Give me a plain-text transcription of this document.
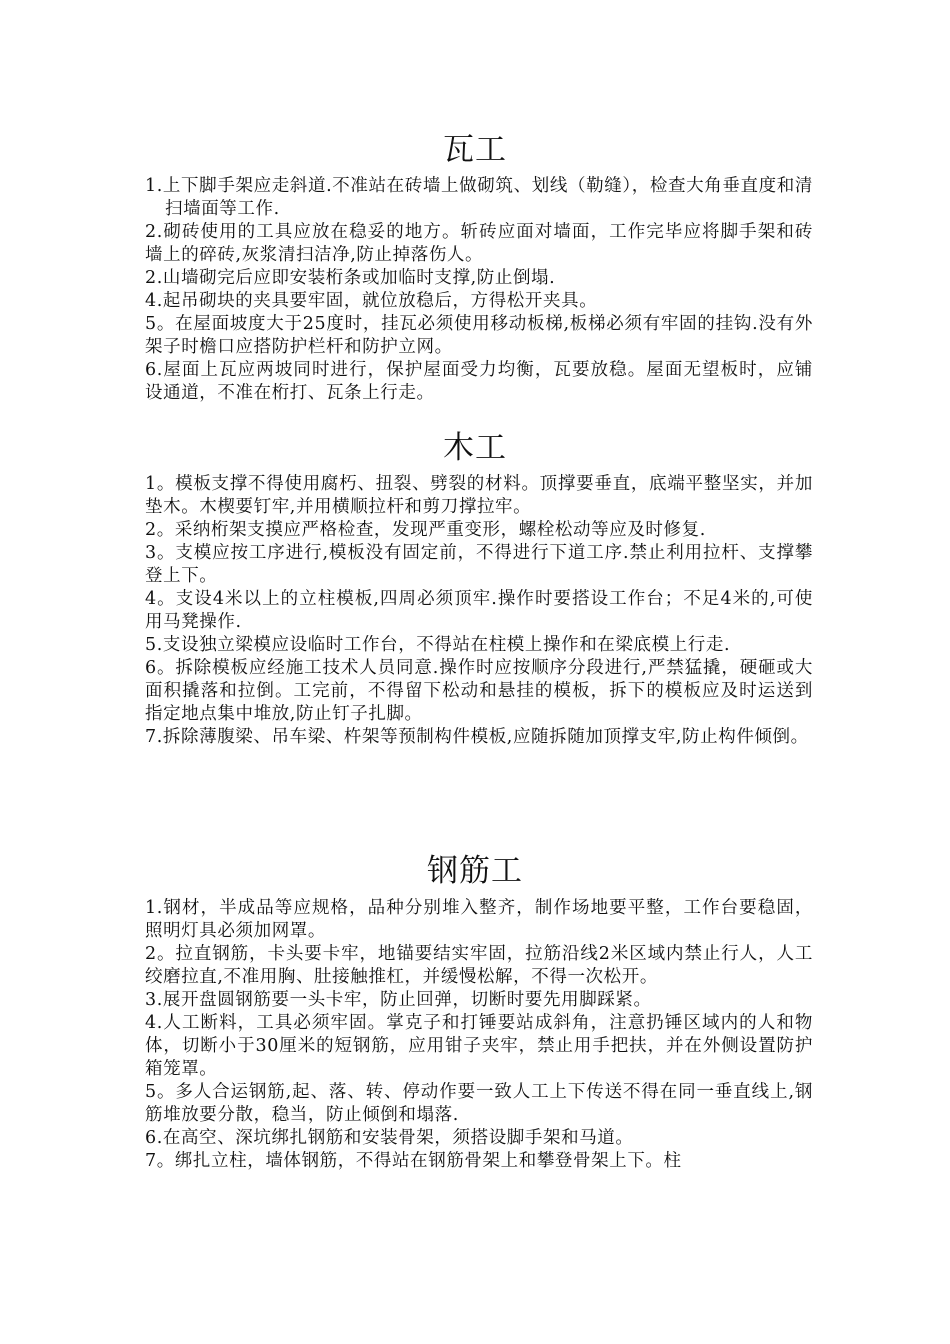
瓦工
1.上下脚手架应走斜道.不准站在砖墙上做砌筑、划线（勒缝），检查大角垂直度和清扫墙面等工作.
2.砌砖使用的工具应放在稳妥的地方。斩砖应面对墙面，工作完毕应将脚手架和砖墙上的碎砖,灰浆清扫洁净,防止掉落伤人。
2.山墙砌完后应即安装桁条或加临时支撑,防止倒塌.
4.起吊砌块的夹具要牢固，就位放稳后，方得松开夹具。
5。在屋面坡度大于25度时，挂瓦必须使用移动板梯,板梯必须有牢固的挂钩.没有外架子时檐口应搭防护栏杆和防护立网。
6.屋面上瓦应两坡同时进行，保护屋面受力均衡，瓦要放稳。屋面无望板时，应铺设通道，不准在桁打、瓦条上行走。
木工
1。模板支撑不得使用腐朽、扭裂、劈裂的材料。顶撑要垂直，底端平整坚实，并加垫木。木楔要钉牢,并用横顺拉杆和剪刀撑拉牢。
2。采纳桁架支摸应严格检查，发现严重变形，螺栓松动等应及时修复.
3。支模应按工序进行,模板没有固定前，不得进行下道工序.禁止利用拉杆、支撑攀登上下。
4。支设4米以上的立柱模板,四周必须顶牢.操作时要搭设工作台；不足4米的,可使用马凳操作.
5.支设独立梁模应设临时工作台，不得站在柱模上操作和在梁底模上行走.
6。拆除模板应经施工技术人员同意.操作时应按顺序分段进行,严禁猛撬，硬砸或大面积撬落和拉倒。工完前，不得留下松动和悬挂的模板，拆下的模板应及时运送到指定地点集中堆放,防止钉子扎脚。
7.拆除薄腹梁、吊车梁、杵架等预制构件模板,应随拆随加顶撑支牢,防止构件倾倒。
钢筋工
1.钢材，半成品等应规格，品种分别堆入整齐，制作场地要平整，工作台要稳固，照明灯具必须加网罩。
2。拉直钢筋，卡头要卡牢，地锚要结实牢固，拉筋沿线2米区域内禁止行人，人工绞磨拉直,不准用胸、肚接触推杠，并缓慢松解，不得一次松开。
3.展开盘圆钢筋要一头卡牢，防止回弹，切断时要先用脚踩紧。
4.人工断料，工具必须牢固。掌克子和打锤要站成斜角，注意扔锤区域内的人和物体，切断小于30厘米的短钢筋，应用钳子夹牢，禁止用手把扶，并在外侧设置防护箱笼罩。
5。多人合运钢筋,起、落、转、停动作要一致人工上下传送不得在同一垂直线上,钢筋堆放要分散，稳当，防止倾倒和塌落.
6.在高空、深坑绑扎钢筋和安装骨架，须搭设脚手架和马道。
7。绑扎立柱，墙体钢筋，不得站在钢筋骨架上和攀登骨架上下。柱
